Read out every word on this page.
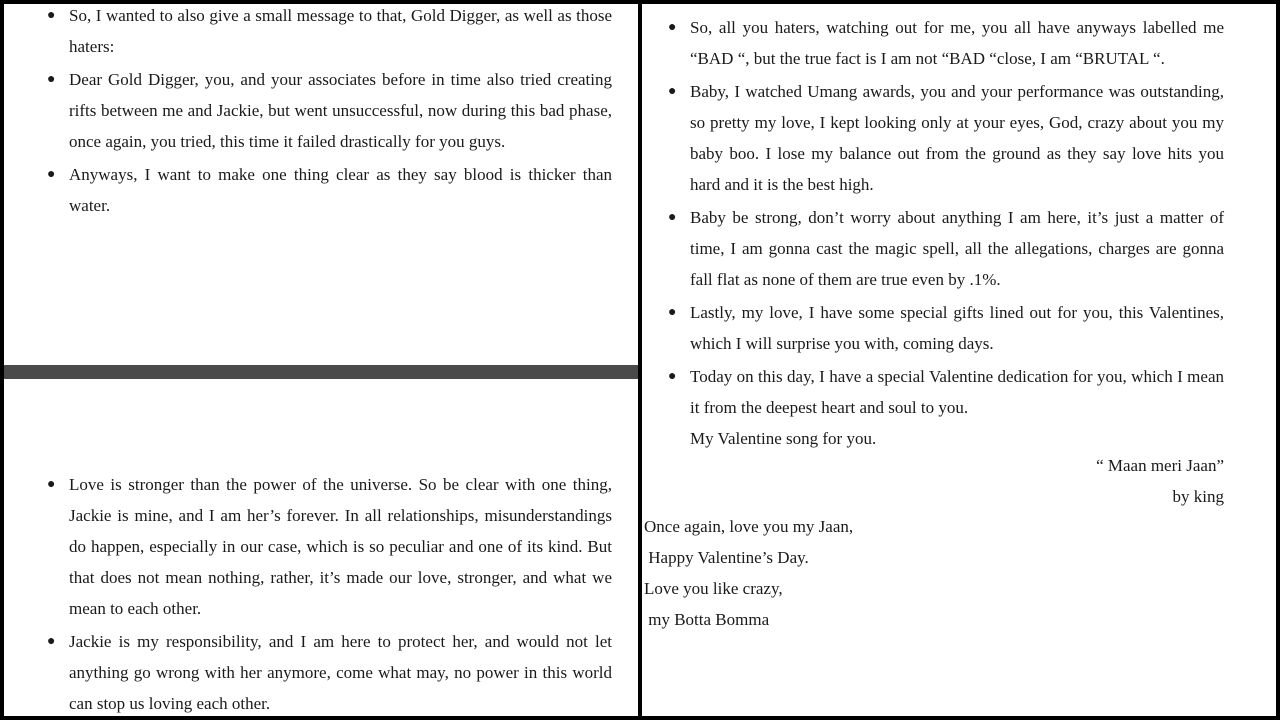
● So, I wanted to also give a small message to that, Gold Digger, as well as those haters:
● Dear Gold Digger, you, and your associates before in time also tried creating rifts between me and Jackie, but went unsuccessful, now during this bad phase, once again, you tried, this time it failed drastically for you guys.
● Anyways, I want to make one thing clear as they say blood is thicker than water.
● Love is stronger than the power of the universe. So be clear with one thing, Jackie is mine, and I am her’s forever. In all relationships, misunderstandings do happen, especially in our case, which is so peculiar and one of its kind. But that does not mean nothing, rather, it’s made our love, stronger, and what we mean to each other.
● Jackie is my responsibility, and I am here to protect her, and would not let anything go wrong with her anymore, come what may, no power in this world can stop us loving each other.
● So, all you haters, watching out for me, you all have anyways labelled me “BAD “, but the true fact is I am not “BAD “close, I am “BRUTAL “.
● Baby, I watched Umang awards, you and your performance was outstanding, so pretty my love, I kept looking only at your eyes, God, crazy about you my baby boo. I lose my balance out from the ground as they say love hits you hard and it is the best high.
● Baby be strong, don’t worry about anything I am here, it’s just a matter of time, I am gonna cast the magic spell, all the allegations, charges are gonna fall flat as none of them are true even by .1%.
● Lastly, my love, I have some special gifts lined out for you, this Valentines, which I will surprise you with, coming days.
● Today on this day, I have a special Valentine dedication for you, which I mean it from the deepest heart and soul to you.
My Valentine song for you.
“ Maan meri Jaan”
by king
Once again, love you my Jaan,
Happy Valentine’s Day.
Love you like crazy,
my Botta Bomma
